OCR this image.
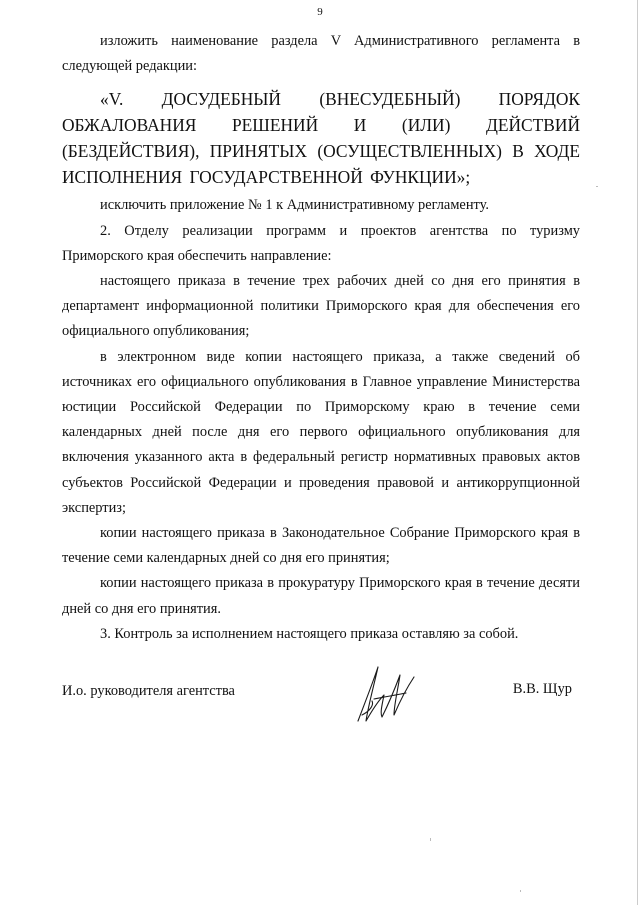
9

изложить наименование раздела V Административного регламента в следующей редакции:

«V. ДОСУДЕБНЫЙ (ВНЕСУДЕБНЫЙ) ПОРЯДОК ОБЖАЛОВАНИЯ РЕШЕНИЙ И (ИЛИ) ДЕЙСТВИЙ (БЕЗДЕЙСТВИЯ), ПРИНЯТЫХ (ОСУЩЕСТВЛЕННЫХ) В ХОДЕ ИСПОЛНЕНИЯ ГОСУДАРСТВЕННОЙ ФУНКЦИИ»;

исключить приложение № 1 к Административному регламенту.

2. Отделу реализации программ и проектов агентства по туризму Приморского края обеспечить направление:

настоящего приказа в течение трех рабочих дней со дня его принятия в департамент информационной политики Приморского края для обеспечения его официального опубликования;

в электронном виде копии настоящего приказа, а также сведений об источниках его официального опубликования в Главное управление Министерства юстиции Российской Федерации по Приморскому краю в течение семи календарных дней после дня его первого официального опубликования для включения указанного акта в федеральный регистр нормативных правовых актов субъектов Российской Федерации и проведения правовой и антикоррупционной экспертиз;

копии настоящего приказа в Законодательное Собрание Приморского края в течение семи календарных дней со дня его принятия;

копии настоящего приказа в прокуратуру Приморского края в течение десяти дней со дня его принятия.

3. Контроль за исполнением настоящего приказа оставляю за собой.

И.о. руководителя агентства	В.В. Щур
